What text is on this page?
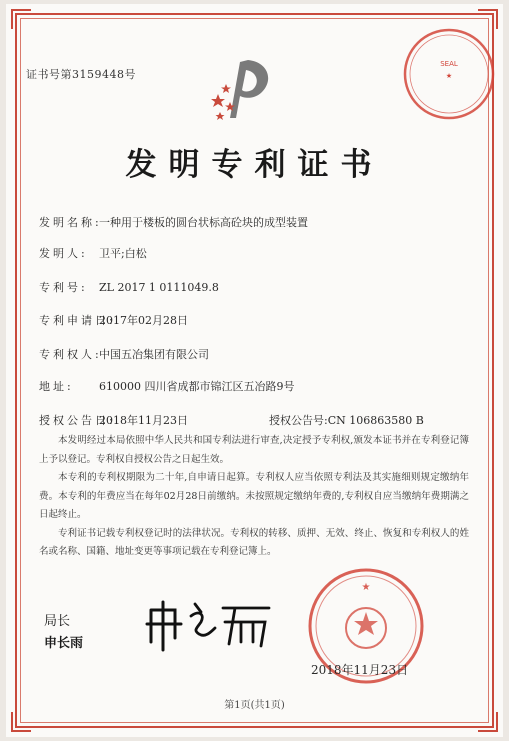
证书号第3159448号
SEAL
★
发明专利证书
发明名称:一种用于楼板的圆台状标高砼块的成型装置
发明人: 卫平;白松
专利号: ZL 2017 1 0111049.8
专利申请日:2017年02月28日
专利权人:中国五冶集团有限公司
地址: 610000 四川省成都市锦江区五冶路9号
授权公告日:2018年11月23日	授权公告号:CN 106863580 B

本发明经过本局依照中华人民共和国专利法进行审查,决定授予专利权,颁发本证书并在专利登记簿上予以登记。专利权自授权公告之日起生效。

本专利的专利权期限为二十年,自申请日起算。专利权人应当依照专利法及其实施细则规定缴纳年费。本专利的年费应当在每年02月28日前缴纳。未按照规定缴纳年费的,专利权自应当缴纳年费期满之日起终止。

专利证书记载专利权登记时的法律状况。专利权的转移、质押、无效、终止、恢复和专利权人的姓名或名称、国籍、地址变更等事项记载在专利登记簿上。

局长
申长雨
★
2018年11月23日
第1页(共1页)
